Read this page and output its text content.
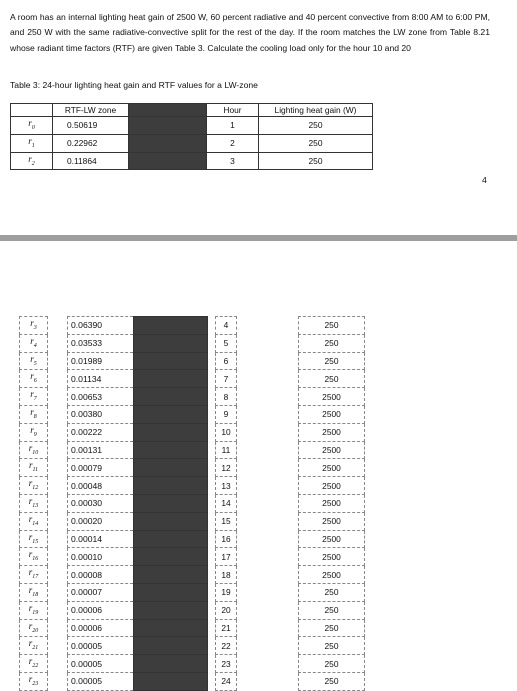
A room has an internal lighting heat gain of 2500 W, 60 percent radiative and 40 percent convective from 8:00 AM to 6:00 PM, and 250 W with the same radiative-convective split for the rest of the day. If the room matches the LW zone from Table 8.21 whose radiant time factors (RTF) are given Table 3. Calculate the cooling load only for the hour 10 and 20
Table 3: 24-hour lighting heat gain and RTF values for a LW-zone
	RTF-LW zone		Hour	Lighting heat gain (W)
$r_0$	0.50619		1	250
$r_1$	0.22962		2	250
$r_2$	0.11864		3	250
4
$r_3$		0.06390			4		250
$r_4$		0.03533			5		250
$r_5$		0.01989			6		250
$r_6$		0.01134			7		250
$r_7$		0.00653			8		2500
$r_8$		0.00380			9		2500
$r_9$		0.00222			10		2500
$r_{10}$		0.00131			11		2500
$r_{11}$		0.00079			12		2500
$r_{12}$		0.00048			13		2500
$r_{13}$		0.00030			14		2500
$r_{14}$		0.00020			15		2500
$r_{15}$		0.00014			16		2500
$r_{16}$		0.00010			17		2500
$r_{17}$		0.00008			18		2500
$r_{18}$		0.00007			19		250
$r_{19}$		0.00006			20		250
$r_{20}$		0.00006			21		250
$r_{21}$		0.00005			22		250
$r_{22}$		0.00005			23		250
$r_{23}$		0.00005			24		250
